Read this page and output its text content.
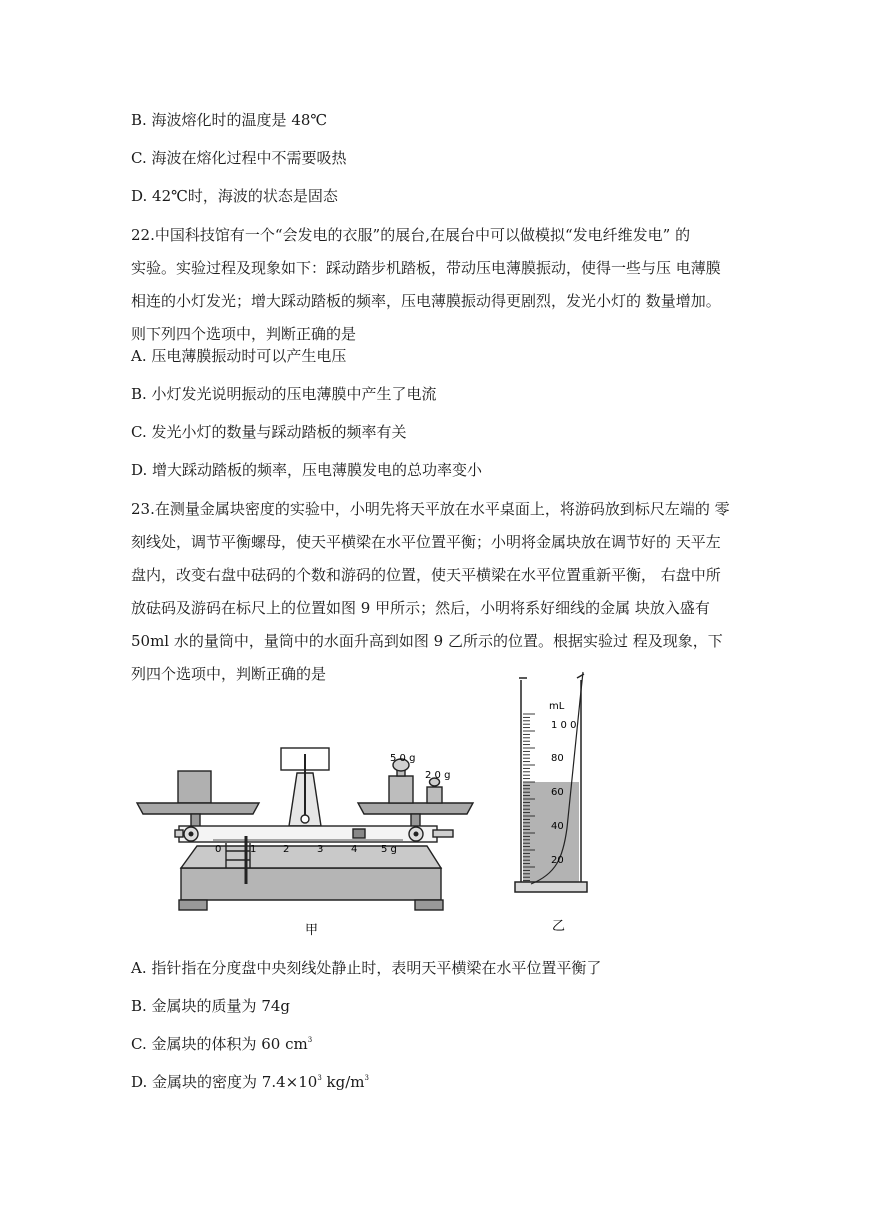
B. 海波熔化时的温度是 48℃
C. 海波在熔化过程中不需要吸热
D. 42℃时，海波的状态是固态
22.中国科技馆有一个“会发电的衣服”的展台,在展台中可以做模拟“发电纤维发电” 的
实验。实验过程及现象如下：踩动踏步机踏板，带动压电薄膜振动，使得一些与压 电薄膜
相连的小灯发光；增大踩动踏板的频率，压电薄膜振动得更剧烈，发光小灯的 数量增加。
则下列四个选项中，判断正确的是
A. 压电薄膜振动时可以产生电压
B. 小灯发光说明振动的压电薄膜中产生了电流
C. 发光小灯的数量与踩动踏板的频率有关
D. 增大踩动踏板的频率，压电薄膜发电的总功率变小
23.在测量金属块密度的实验中，小明先将天平放在水平桌面上，将游码放到标尺左端的 零
刻线处，调节平衡螺母，使天平横梁在水平位置平衡；小明将金属块放在调节好的 天平左
盘内，改变右盘中砝码的个数和游码的位置，使天平横梁在水平位置重新平衡， 右盘中所
放砝码及游码在标尺上的位置如图 9 甲所示；然后，小明将系好细线的金属 块放入盛有
50ml 水的量筒中，量筒中的水面升高到如图 9 乙所示的位置。根据实验过 程及现象，下
列四个选项中，判断正确的是
5 0 g
2 0 g
0	1	2	3	4 5 g
甲
mL
1 0 0
80
60
40
20
乙
A. 指针指在分度盘中央刻线处静止时，表明天平横梁在水平位置平衡了
B. 金属块的质量为 74g
C. 金属块的体积为 60 $cm^3$
D. 金属块的密度为 $7.4\times 10^3$ $kg/m^3$
